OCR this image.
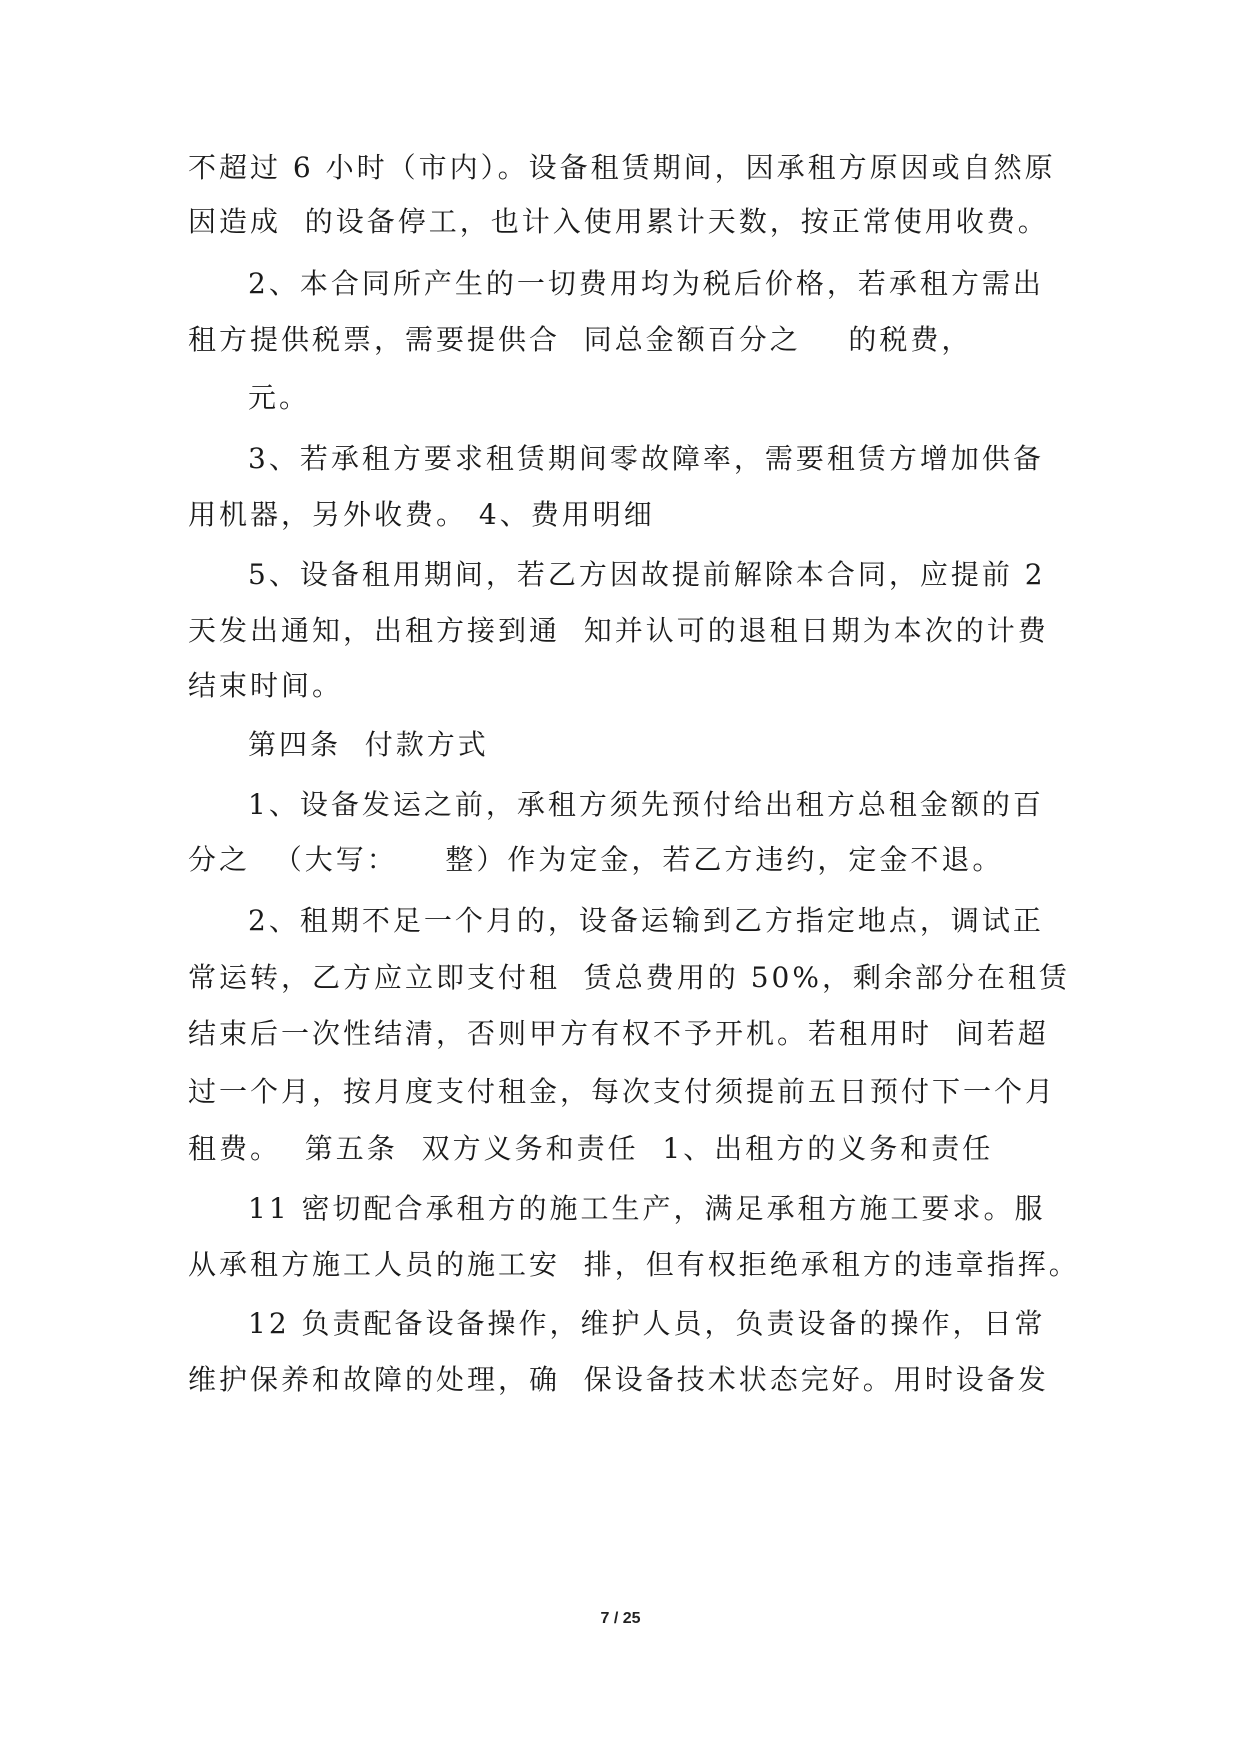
不超过 6 小时（市内）。设备租赁期间，因承租方原因或自然原
因造成  的设备停工，也计入使用累计天数，按正常使用收费。
2、本合同所产生的一切费用均为税后价格，若承租方需出
租方提供税票，需要提供合  同总金额百分之    的税费，
元。
3、若承租方要求租赁期间零故障率，需要租赁方增加供备
用机器，另外收费。 4、费用明细
5、设备租用期间，若乙方因故提前解除本合同，应提前 2
天发出通知，出租方接到通  知并认可的退租日期为本次的计费
结束时间。
第四条  付款方式
1、设备发运之前，承租方须先预付给出租方总租金额的百
分之  （大写：    整）作为定金，若乙方违约，定金不退。
2、租期不足一个月的，设备运输到乙方指定地点，调试正
常运转，乙方应立即支付租  赁总费用的 50%，剩余部分在租赁
结束后一次性结清，否则甲方有权不予开机。若租用时  间若超
过一个月，按月度支付租金，每次支付须提前五日预付下一个月
租费。  第五条  双方义务和责任  1、出租方的义务和责任
11 密切配合承租方的施工生产，满足承租方施工要求。服
从承租方施工人员的施工安  排，但有权拒绝承租方的违章指挥。
12 负责配备设备操作，维护人员，负责设备的操作，日常
维护保养和故障的处理，确  保设备技术状态完好。用时设备发
7 / 25
